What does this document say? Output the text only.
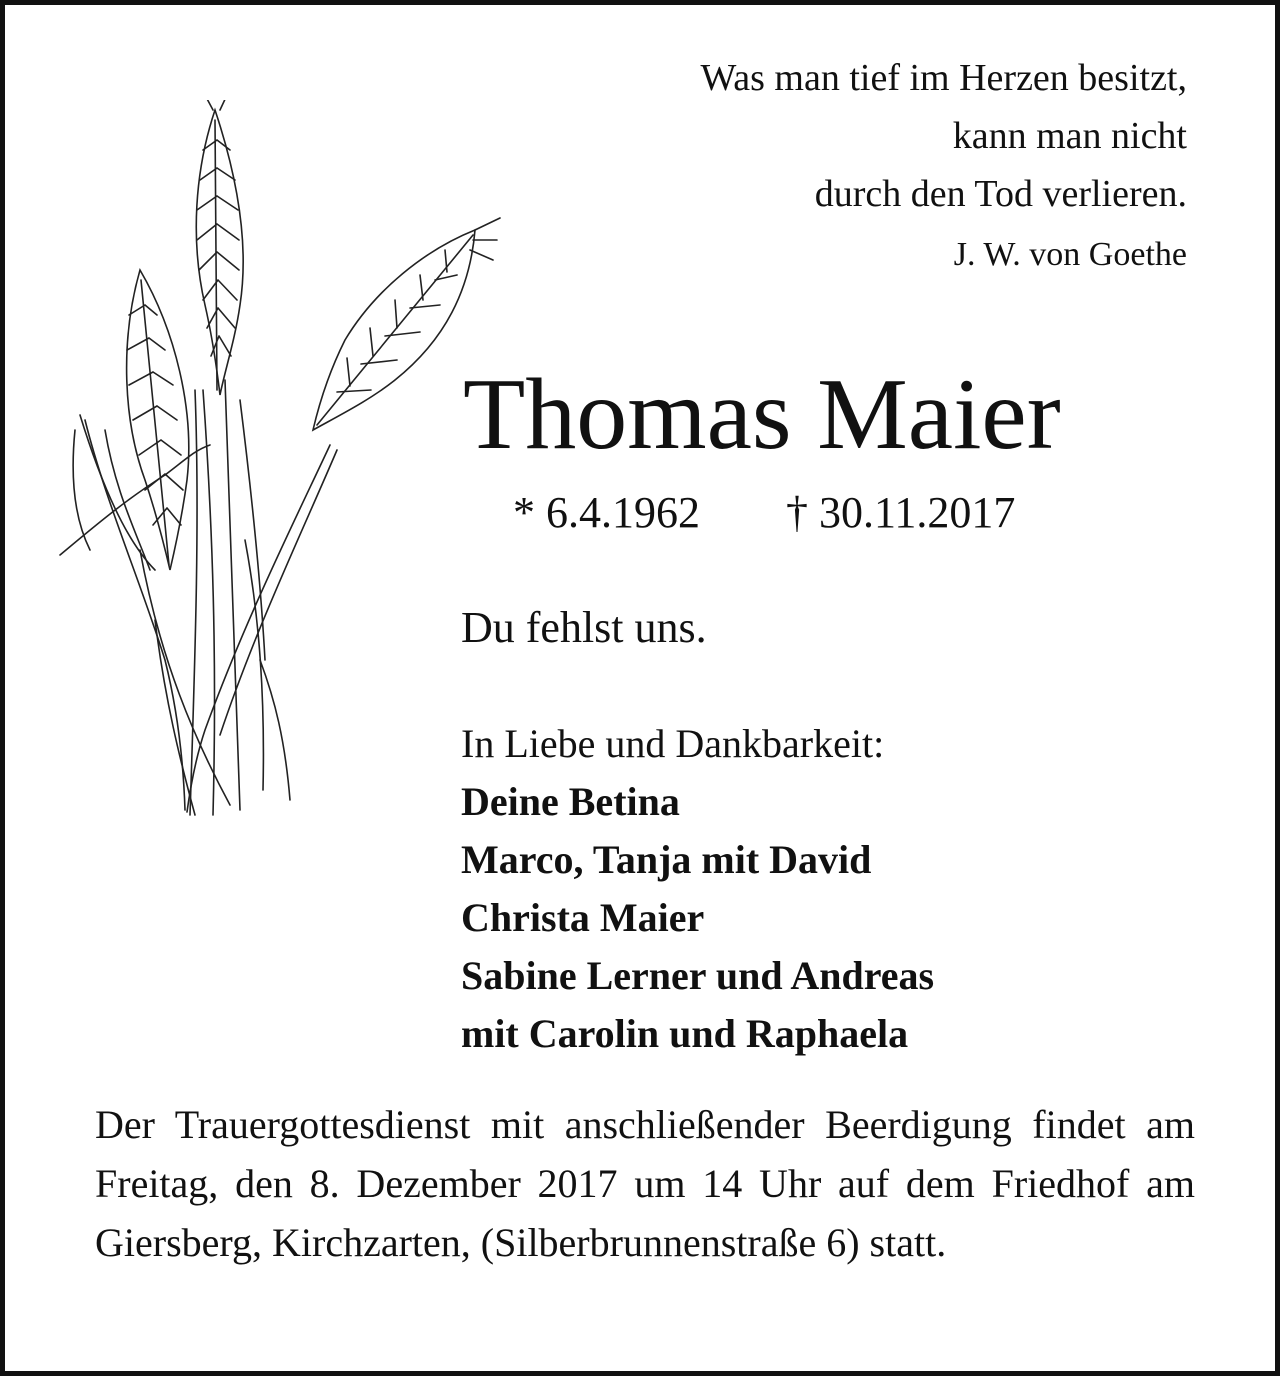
Was man tief im Herzen besitzt,
kann man nicht
durch den Tod verlieren.
J. W. von Goethe
Thomas Maier
* 6.4.1962 † 30.11.2017
Du fehlst uns.
In Liebe und Dankbarkeit:
Deine Betina
Marco, Tanja mit David
Christa Maier
Sabine Lerner und Andreas
mit Carolin und Raphaela
Der Trauergottesdienst mit anschließender Beerdigung findet am Freitag, den 8. Dezember 2017 um 14 Uhr auf dem Friedhof am Giersberg, Kirchzarten, (Silberbrunnenstraße 6) statt.
